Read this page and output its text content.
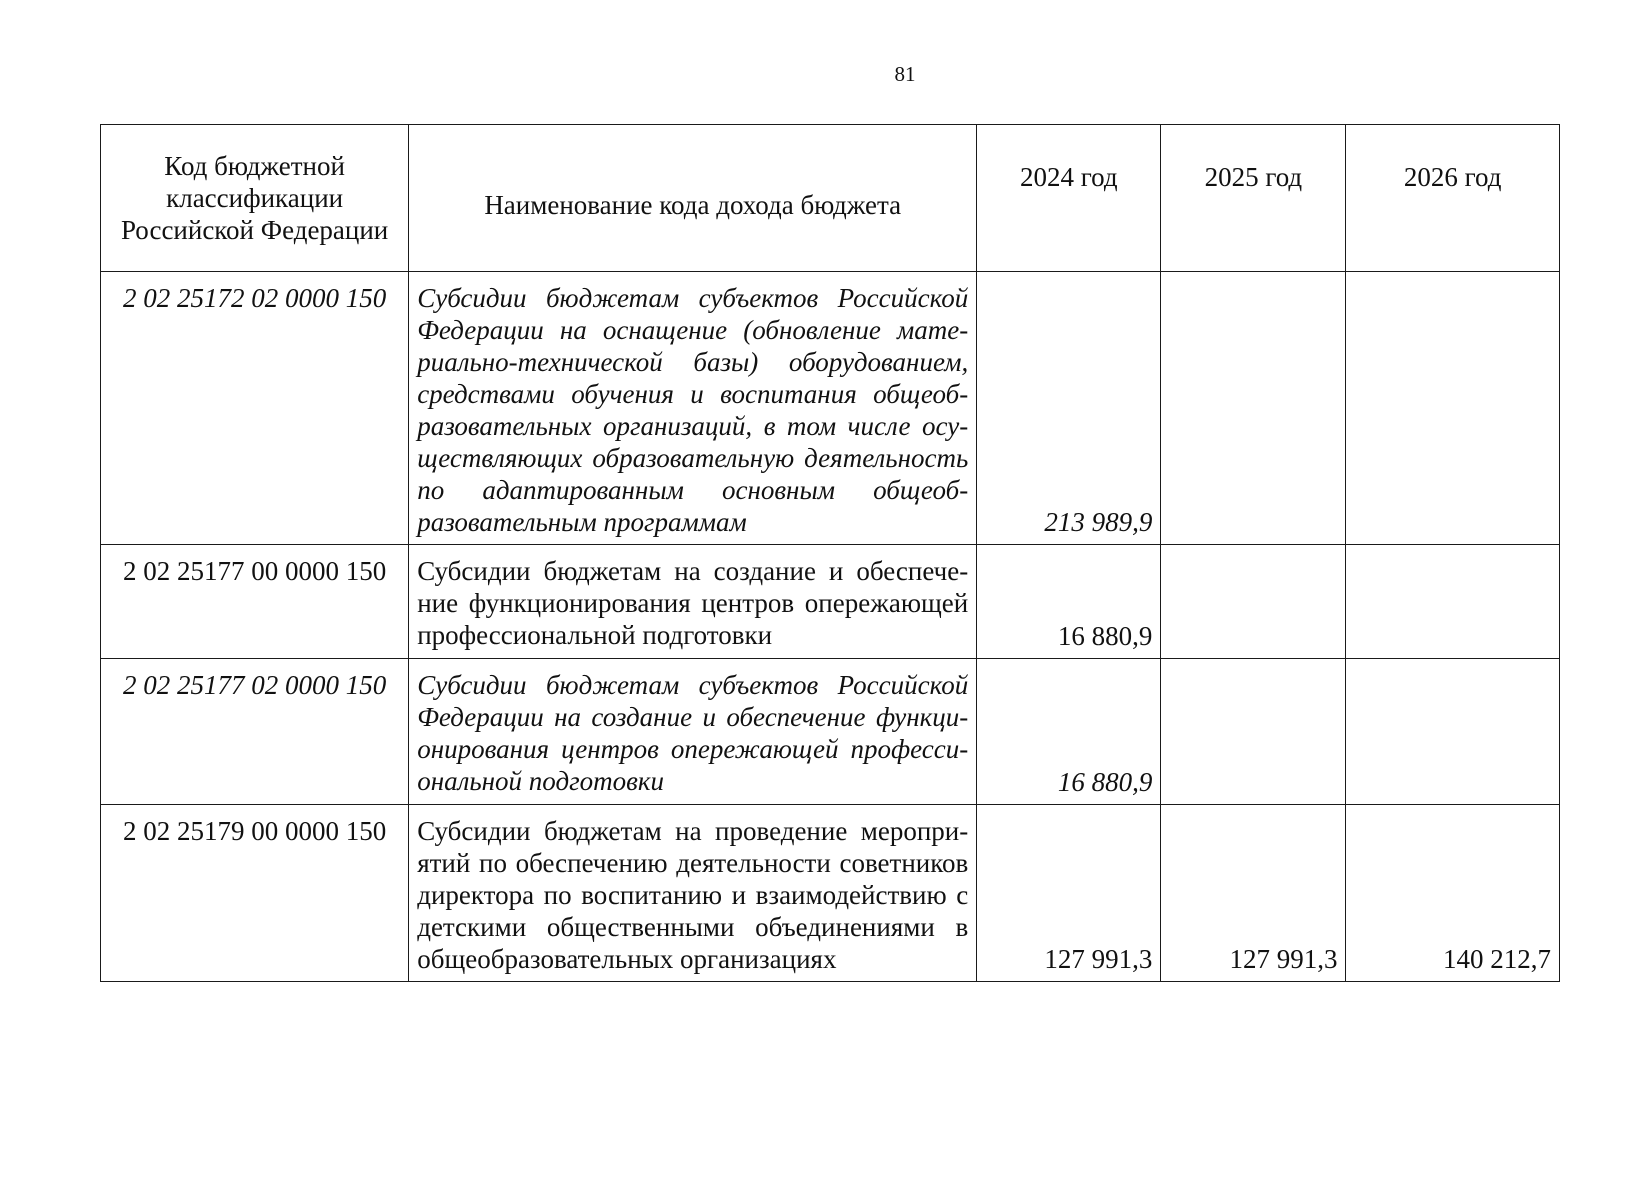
81
Код бюджетной классификации Российской Федерации	Наименование кода дохода бюджета	2024 год	2025 год	2026 год
2 02 25172 02 0000 150	Субсидии бюджетам субъектов Российской Федерации на оснащение (обновление материально-технической базы) оборудованием, средствами обучения и воспитания общеобразовательных организаций, в том числе осуществляющих образовательную деятельность по адаптированным основным общеобразовательным программам	213 989,9		
2 02 25177 00 0000 150	Субсидии бюджетам на создание и обеспечение функционирования центров опережающей профессиональной подготовки	16 880,9		
2 02 25177 02 0000 150	Субсидии бюджетам субъектов Российской Федерации на создание и обеспечение функционирования центров опережающей профессиональной подготовки	16 880,9		
2 02 25179 00 0000 150	Субсидии бюджетам на проведение мероприятий по обеспечению деятельности советников директора по воспитанию и взаимодействию с детскими общественными объединениями в общеобразовательных организациях	127 991,3	127 991,3	140 212,7
